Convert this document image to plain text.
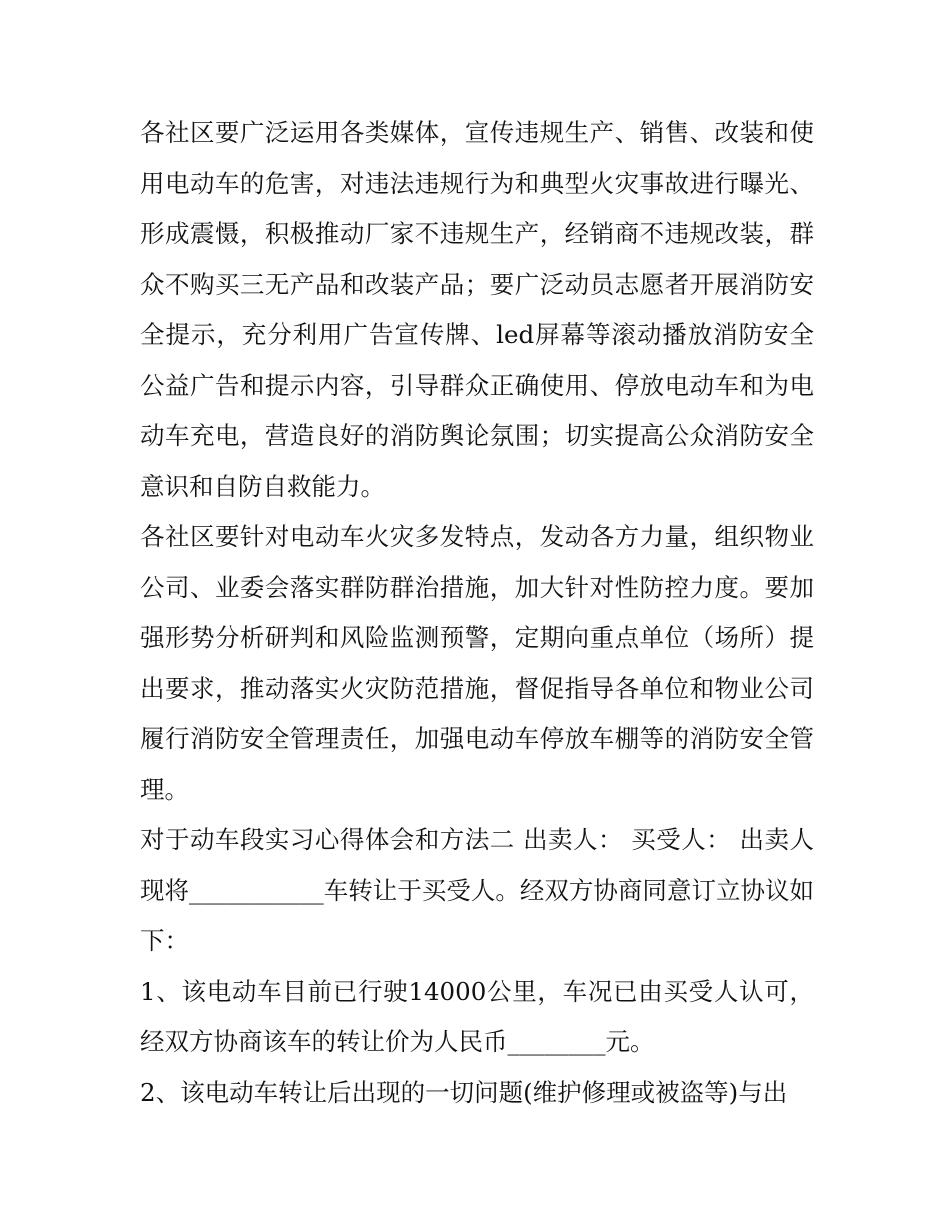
各社区要广泛运用各类媒体，宣传违规生产、销售、改装和使用电动车的危害，对违法违规行为和典型火灾事故进行曝光、形成震慑，积极推动厂家不违规生产，经销商不违规改装，群众不购买三无产品和改装产品；要广泛动员志愿者开展消防安全提示，充分利用广告宣传牌、led屏幕等滚动播放消防安全公益广告和提示内容，引导群众正确使用、停放电动车和为电动车充电，营造良好的消防舆论氛围；切实提高公众消防安全意识和自防自救能力。

各社区要针对电动车火灾多发特点，发动各方力量，组织物业公司、业委会落实群防群治措施，加大针对性防控力度。要加强形势分析研判和风险监测预警，定期向重点单位（场所）提出要求，推动落实火灾防范措施，督促指导各单位和物业公司履行消防安全管理责任，加强电动车停放车棚等的消防安全管理。

对于动车段实习心得体会和方法二 出卖人： 买受人： 出卖人现将___________车转让于买受人。经双方协商同意订立协议如下：

1、该电动车目前已行驶14000公里，车况已由买受人认可，经双方协商该车的转让价为人民币________元。

2、该电动车转让后出现的一切问题(维护修理或被盗等)与出
